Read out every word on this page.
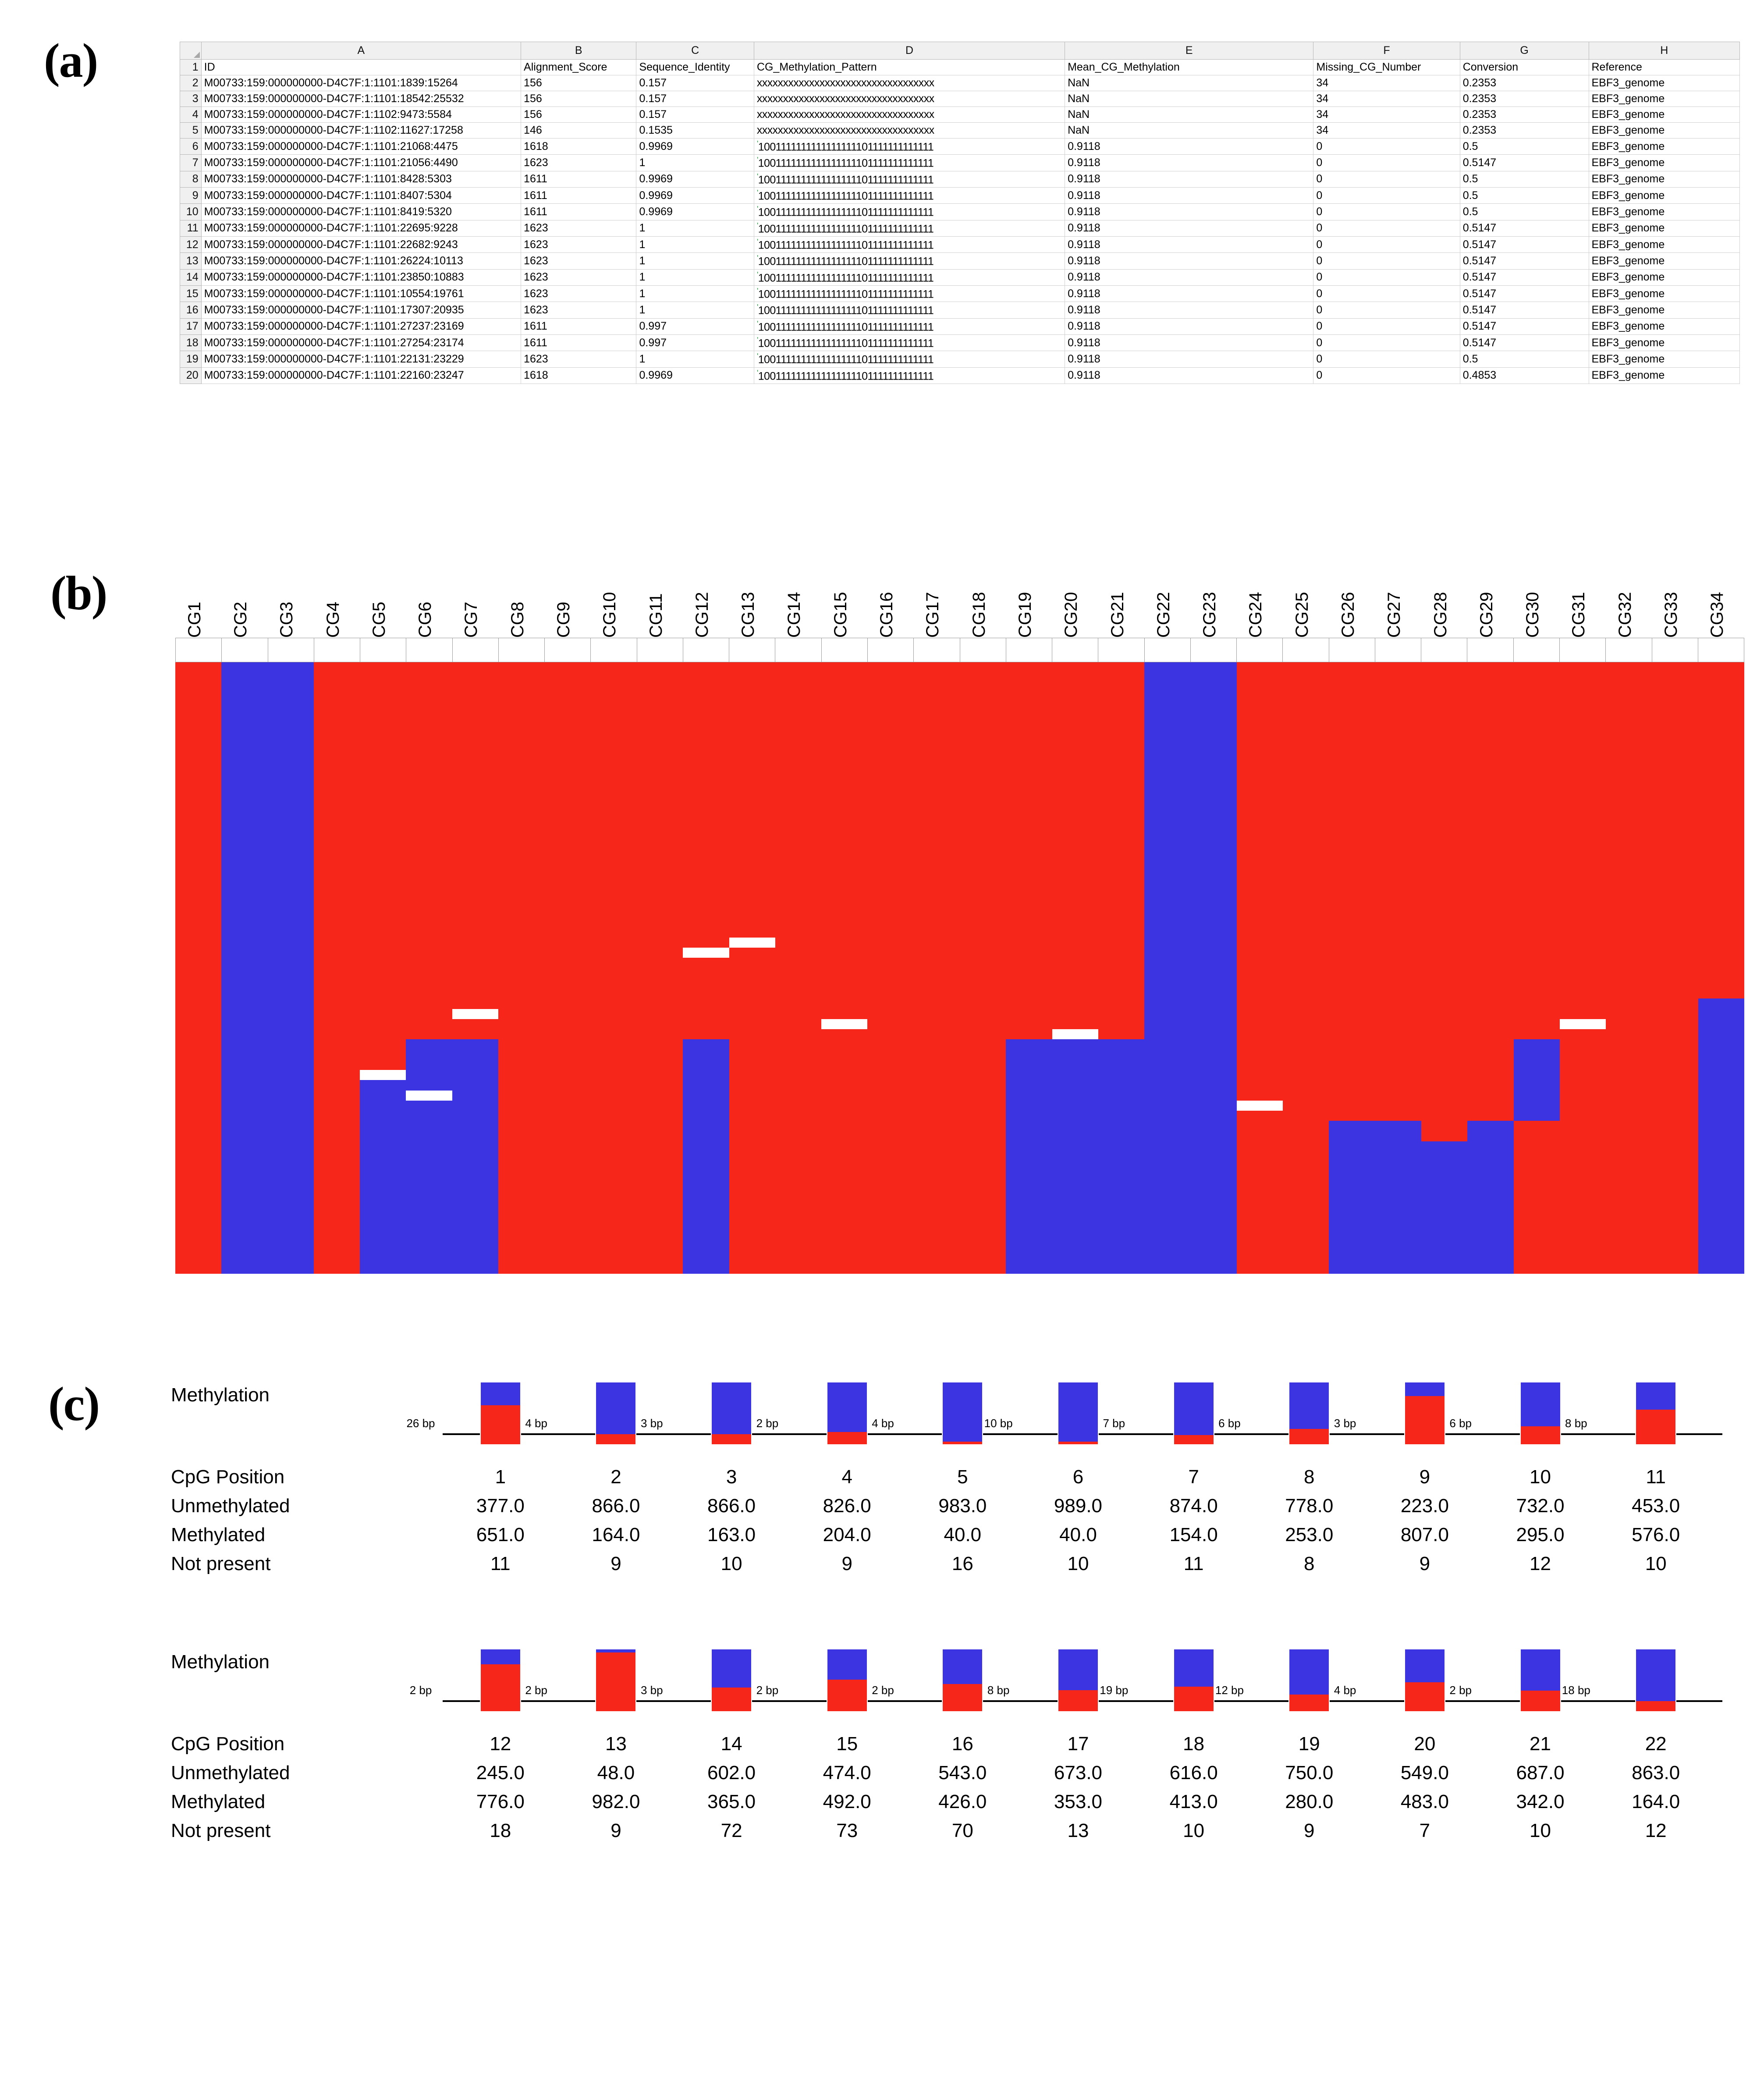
(a)
(b)
(c)
	A	B	C	D	E	F	G	H
1	ID	Alignment_Score	Sequence_Identity	CG_Methylation_Pattern	Mean_CG_Methylation	Missing_CG_Number	Conversion	Reference
2	M00733:159:000000000-D4C7F:1:1101:1839:15264	156	0.157	xxxxxxxxxxxxxxxxxxxxxxxxxxxxxxxxxx	NaN	34	0.2353	EBF3_genome
3	M00733:159:000000000-D4C7F:1:1101:18542:25532	156	0.157	xxxxxxxxxxxxxxxxxxxxxxxxxxxxxxxxxx	NaN	34	0.2353	EBF3_genome
4	M00733:159:000000000-D4C7F:1:1102:9473:5584	156	0.157	xxxxxxxxxxxxxxxxxxxxxxxxxxxxxxxxxx	NaN	34	0.2353	EBF3_genome
5	M00733:159:000000000-D4C7F:1:1102:11627:17258	146	0.1535	xxxxxxxxxxxxxxxxxxxxxxxxxxxxxxxxxx	NaN	34	0.2353	EBF3_genome
6	M00733:159:000000000-D4C7F:1:1101:21068:4475	1618	0.9969	'1001111111111111111101111111111111	0.9118	0	0.5	EBF3_genome
7	M00733:159:000000000-D4C7F:1:1101:21056:4490	1623	1	'1001111111111111111101111111111111	0.9118	0	0.5147	EBF3_genome
8	M00733:159:000000000-D4C7F:1:1101:8428:5303	1611	0.9969	'1001111111111111111101111111111111	0.9118	0	0.5	EBF3_genome
9	M00733:159:000000000-D4C7F:1:1101:8407:5304	1611	0.9969	'1001111111111111111101111111111111	0.9118	0	0.5	EBF3_genome
10	M00733:159:000000000-D4C7F:1:1101:8419:5320	1611	0.9969	'1001111111111111111101111111111111	0.9118	0	0.5	EBF3_genome
11	M00733:159:000000000-D4C7F:1:1101:22695:9228	1623	1	'1001111111111111111101111111111111	0.9118	0	0.5147	EBF3_genome
12	M00733:159:000000000-D4C7F:1:1101:22682:9243	1623	1	'1001111111111111111101111111111111	0.9118	0	0.5147	EBF3_genome
13	M00733:159:000000000-D4C7F:1:1101:26224:10113	1623	1	'1001111111111111111101111111111111	0.9118	0	0.5147	EBF3_genome
14	M00733:159:000000000-D4C7F:1:1101:23850:10883	1623	1	'1001111111111111111101111111111111	0.9118	0	0.5147	EBF3_genome
15	M00733:159:000000000-D4C7F:1:1101:10554:19761	1623	1	'1001111111111111111101111111111111	0.9118	0	0.5147	EBF3_genome
16	M00733:159:000000000-D4C7F:1:1101:17307:20935	1623	1	'1001111111111111111101111111111111	0.9118	0	0.5147	EBF3_genome
17	M00733:159:000000000-D4C7F:1:1101:27237:23169	1611	0.997	'1001111111111111111101111111111111	0.9118	0	0.5147	EBF3_genome
18	M00733:159:000000000-D4C7F:1:1101:27254:23174	1611	0.997	'1001111111111111111101111111111111	0.9118	0	0.5147	EBF3_genome
19	M00733:159:000000000-D4C7F:1:1101:22131:23229	1623	1	'1001111111111111111101111111111111	0.9118	0	0.5	EBF3_genome
20	M00733:159:000000000-D4C7F:1:1101:22160:23247	1618	0.9969	'1001111111111111111101111111111111	0.9118	0	0.4853	EBF3_genome
CG1 CG2 CG3 CG4 CG5 CG6 CG7 CG8 CG9 CG10 CG11 CG12 CG13 CG14 CG15 CG16 CG17 CG18 CG19 CG20 CG21 CG22 CG23 CG24 CG25 CG26 CG27 CG28 CG29 CG30 CG31 CG32 CG33 CG34
Methylation
26 bp	4 bp	3 bp	2 bp	4 bp	10 bp	7 bp	6 bp	3 bp	6 bp	8 bp
CpG Position	1	2	3	4	5	6	7	8	9	10	11
Unmethylated	377.0	866.0	866.0	826.0	983.0	989.0	874.0	778.0	223.0	732.0	453.0
Methylated	651.0	164.0	163.0	204.0	40.0	40.0	154.0	253.0	807.0	295.0	576.0
Not present	11	9	10	9	16	10	11	8	9	12	10
Methylation
2 bp	2 bp	3 bp	2 bp	2 bp	8 bp	19 bp	12 bp	4 bp	2 bp	18 bp
CpG Position	12	13	14	15	16	17	18	19	20	21	22
Unmethylated	245.0	48.0	602.0	474.0	543.0	673.0	616.0	750.0	549.0	687.0	863.0
Methylated	776.0	982.0	365.0	492.0	426.0	353.0	413.0	280.0	483.0	342.0	164.0
Not present	18	9	72	73	70	13	10	9	7	10	12
